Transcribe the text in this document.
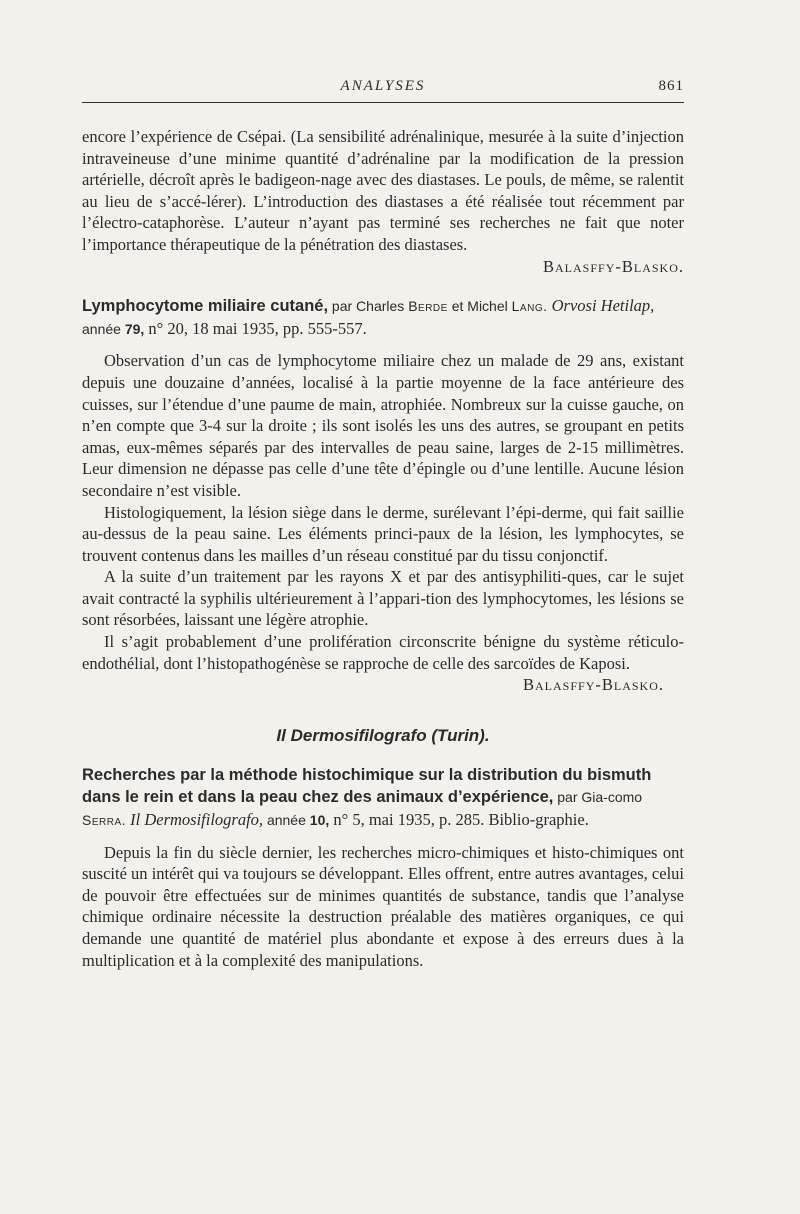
ANALYSES	861

encore l’expérience de Csépai. (La sensibilité adrénalinique, mesurée à la suite d’injection intraveineuse d’une minime quantité d’adrénaline par la modification de la pression artérielle, décroît après le badigeon-nage avec des diastases. Le pouls, de même, se ralentit au lieu de s’accé-lérer). L’introduction des diastases a été réalisée tout récemment par l’électro-cataphorèse. L’auteur n’ayant pas terminé ses recherches ne fait que noter l’importance thérapeutique de la pénétration des diastases.

Balasffy-Blasko.

Lymphocytome miliaire cutané, par Charles Berde et Michel Lang. Orvosi Hetilap, année 79, n° 20, 18 mai 1935, pp. 555-557.

Observation d’un cas de lymphocytome miliaire chez un malade de 29 ans, existant depuis une douzaine d’années, localisé à la partie moyenne de la face antérieure des cuisses, sur l’étendue d’une paume de main, atrophiée. Nombreux sur la cuisse gauche, on n’en compte que 3-4 sur la droite ; ils sont isolés les uns des autres, se groupant en petits amas, eux-mêmes séparés par des intervalles de peau saine, larges de 2-15 millimètres. Leur dimension ne dépasse pas celle d’une tête d’épingle ou d’une lentille. Aucune lésion secondaire n’est visible.

Histologiquement, la lésion siège dans le derme, surélevant l’épi-derme, qui fait saillie au-dessus de la peau saine. Les éléments princi-paux de la lésion, les lymphocytes, se trouvent contenus dans les mailles d’un réseau constitué par du tissu conjonctif.

A la suite d’un traitement par les rayons X et par des antisyphiliti-ques, car le sujet avait contracté la syphilis ultérieurement à l’appari-tion des lymphocytomes, les lésions se sont résorbées, laissant une légère atrophie.

Il s’agit probablement d’une prolifération circonscrite bénigne du système réticulo-endothélial, dont l’histopathogénèse se rapproche de celle des sarcoïdes de Kaposi.
Balasffy-Blasko.

Il Dermosifilografo (Turin).
Recherches par la méthode histochimique sur la distribution du bismuth dans le rein et dans la peau chez des animaux d’expérience, par Gia-como Serra. Il Dermosifilografo, année 10, n° 5, mai 1935, p. 285. Biblio-graphie.

Depuis la fin du siècle dernier, les recherches micro-chimiques et histo-chimiques ont suscité un intérêt qui va toujours se développant. Elles offrent, entre autres avantages, celui de pouvoir être effectuées sur de minimes quantités de substance, tandis que l’analyse chimique ordinaire nécessite la destruction préalable des matières organiques, ce qui demande une quantité de matériel plus abondante et expose à des erreurs dues à la multiplication et à la complexité des manipulations.
